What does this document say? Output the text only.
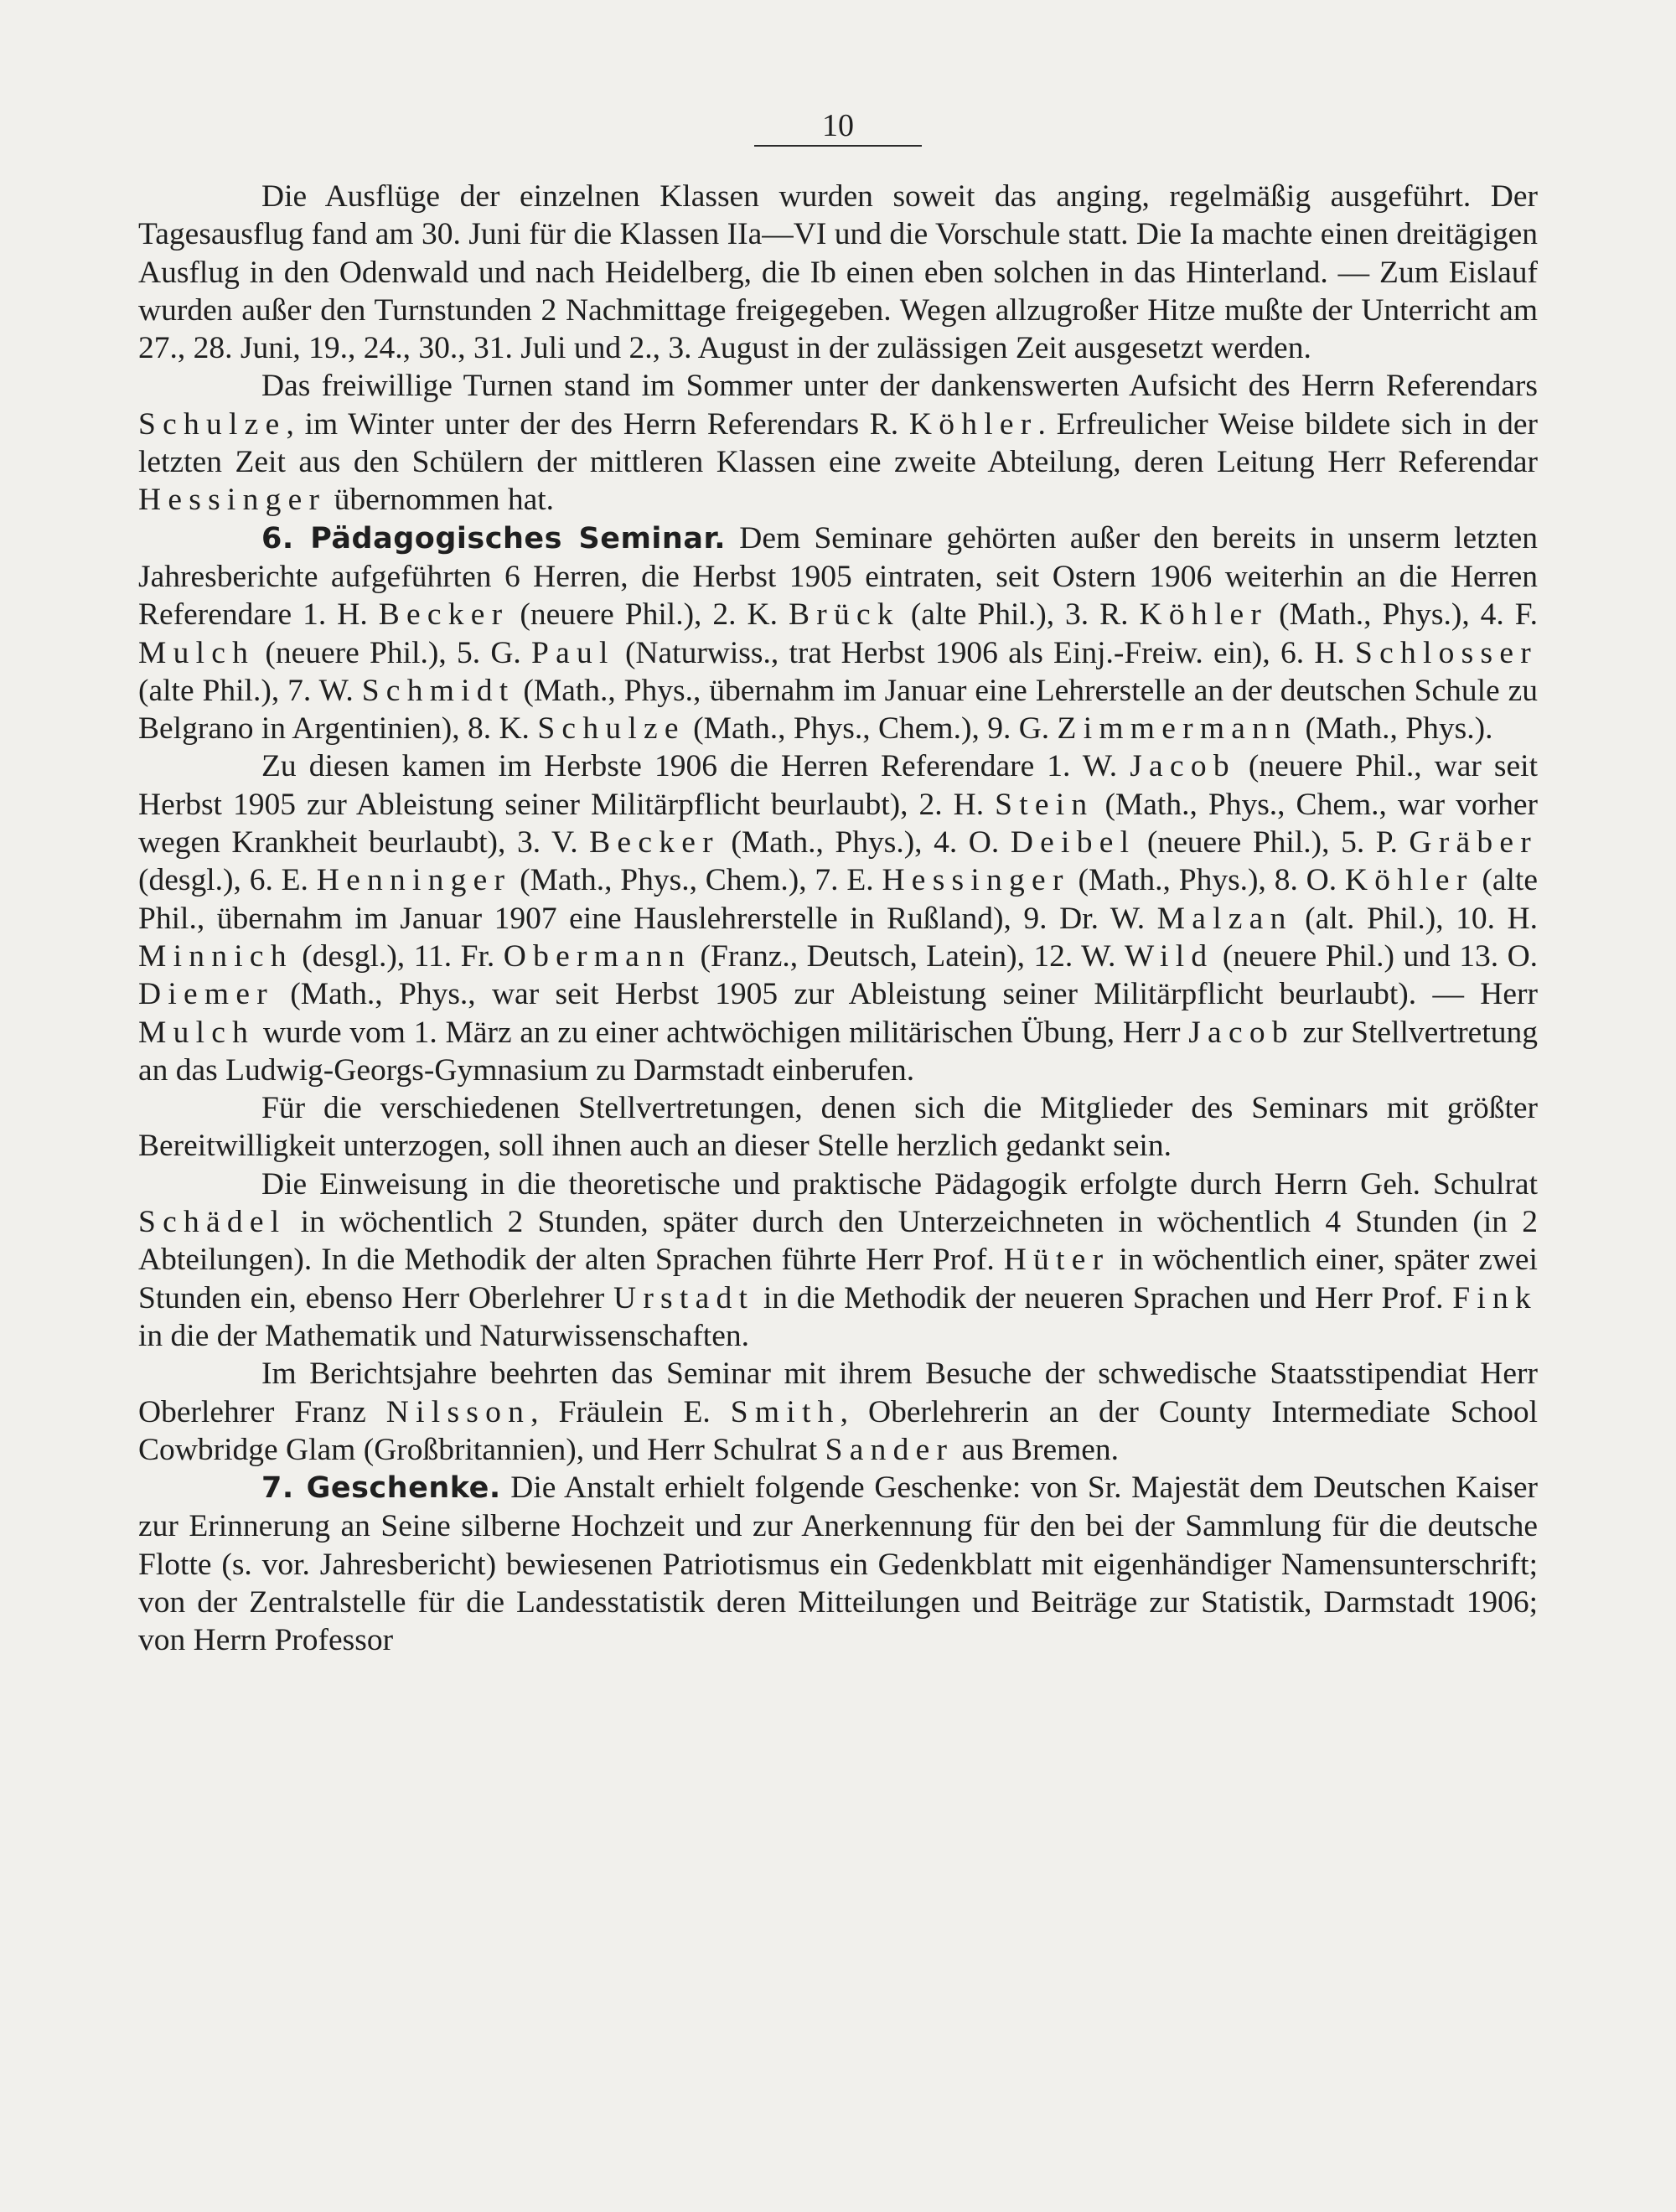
10

Die Ausflüge der einzelnen Klassen wurden soweit das anging, regelmäßig ausgeführt. Der Tagesausflug fand am 30. Juni für die Klassen IIa—VI und die Vorschule statt. Die Ia machte einen dreitägigen Ausflug in den Odenwald und nach Heidelberg, die Ib einen eben solchen in das Hinterland. — Zum Eislauf wurden außer den Turnstunden 2 Nachmittage freigegeben. Wegen allzugroßer Hitze mußte der Unterricht am 27., 28. Juni, 19., 24., 30., 31. Juli und 2., 3. August in der zulässigen Zeit ausgesetzt werden.

Das freiwillige Turnen stand im Sommer unter der dankenswerten Aufsicht des Herrn Referendars Schulze, im Winter unter der des Herrn Referendars R. Köhler. Erfreulicher Weise bildete sich in der letzten Zeit aus den Schülern der mittleren Klassen eine zweite Abteilung, deren Leitung Herr Referendar Hessinger übernommen hat.

6. Pädagogisches Seminar. Dem Seminare gehörten außer den bereits in unserm letzten Jahresberichte aufgeführten 6 Herren, die Herbst 1905 eintraten, seit Ostern 1906 weiterhin an die Herren Referendare 1. H. Becker (neuere Phil.), 2. K. Brück (alte Phil.), 3. R. Köhler (Math., Phys.), 4. F. Mulch (neuere Phil.), 5. G. Paul (Naturwiss., trat Herbst 1906 als Einj.-Freiw. ein), 6. H. Schlosser (alte Phil.), 7. W. Schmidt (Math., Phys., übernahm im Januar eine Lehrerstelle an der deutschen Schule zu Belgrano in Argentinien), 8. K. Schulze (Math., Phys., Chem.), 9. G. Zimmermann (Math., Phys.).

Zu diesen kamen im Herbste 1906 die Herren Referendare 1. W. Jacob (neuere Phil., war seit Herbst 1905 zur Ableistung seiner Militärpflicht beurlaubt), 2. H. Stein (Math., Phys., Chem., war vorher wegen Krankheit beurlaubt), 3. V. Becker (Math., Phys.), 4. O. Deibel (neuere Phil.), 5. P. Gräber (desgl.), 6. E. Henninger (Math., Phys., Chem.), 7. E. Hessinger (Math., Phys.), 8. O. Köhler (alte Phil., übernahm im Januar 1907 eine Hauslehrerstelle in Rußland), 9. Dr. W. Malzan (alt. Phil.), 10. H. Minnich (desgl.), 11. Fr. Obermann (Franz., Deutsch, Latein), 12. W. Wild (neuere Phil.) und 13. O. Diemer (Math., Phys., war seit Herbst 1905 zur Ableistung seiner Militärpflicht beurlaubt). — Herr Mulch wurde vom 1. März an zu einer achtwöchigen militärischen Übung, Herr Jacob zur Stellvertretung an das Ludwig-Georgs-Gymnasium zu Darmstadt einberufen.

Für die verschiedenen Stellvertretungen, denen sich die Mitglieder des Seminars mit größter Bereitwilligkeit unterzogen, soll ihnen auch an dieser Stelle herzlich gedankt sein.

Die Einweisung in die theoretische und praktische Pädagogik erfolgte durch Herrn Geh. Schulrat Schädel in wöchentlich 2 Stunden, später durch den Unterzeichneten in wöchentlich 4 Stunden (in 2 Abteilungen). In die Methodik der alten Sprachen führte Herr Prof. Hüter in wöchentlich einer, später zwei Stunden ein, ebenso Herr Oberlehrer Urstadt in die Methodik der neueren Sprachen und Herr Prof. Fink in die der Mathematik und Naturwissenschaften.

Im Berichtsjahre beehrten das Seminar mit ihrem Besuche der schwedische Staatsstipendiat Herr Oberlehrer Franz Nilsson, Fräulein E. Smith, Oberlehrerin an der County Intermediate School Cowbridge Glam (Großbritannien), und Herr Schulrat Sander aus Bremen.

7. Geschenke. Die Anstalt erhielt folgende Geschenke: von Sr. Majestät dem Deutschen Kaiser zur Erinnerung an Seine silberne Hochzeit und zur Anerkennung für den bei der Sammlung für die deutsche Flotte (s. vor. Jahresbericht) bewiesenen Patriotismus ein Gedenkblatt mit eigenhändiger Namensunterschrift; von der Zentralstelle für die Landesstatistik deren Mitteilungen und Beiträge zur Statistik, Darmstadt 1906; von Herrn Professor
